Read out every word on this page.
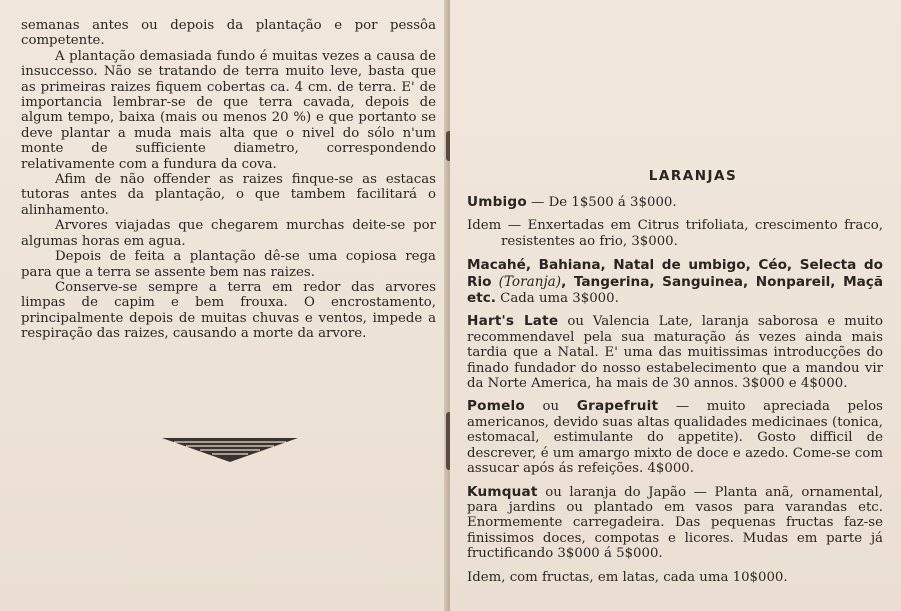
semanas antes ou depois da plantação e por pessôa competente.

A plantação demasiada fundo é muitas vezes a causa de insuccesso. Não se tratando de terra muito leve, basta que as primeiras raizes fiquem cobertas ca. 4 cm. de terra. E' de importancia lembrar-se de que terra cavada, depois de algum tempo, baixa (mais ou menos 20 %) e que portanto se deve plantar a muda mais alta que o nivel do sólo n'um monte de sufficiente diametro, correspondendo relativamente com a fundura da cova.

Afim de não offender as raizes finque-se as estacas tutoras antes da plantação, o que tambem facilitará o alinhamento.

Arvores viajadas que chegarem murchas deite-se por algumas horas em agua.

Depois de feita a plantação dê-se uma copiosa rega para que a terra se assente bem nas raizes.

Conserve-se sempre a terra em redor das arvores limpas de capim e bem frouxa. O encrostamento, principalmente depois de muitas chuvas e ventos, impede a respiração das raizes, causando a morte da arvore.

LARANJAS
Umbigo — De 1$500 á 3$000.
Idem — Enxertadas em Citrus trifoliata, crescimento fraco, resistentes ao frio, 3$000.
Macahé, Bahiana, Natal de umbigo, Céo, Selecta do Rio (Toranja), Tangerina, Sanguinea, Nonpareil, Maçã etc. Cada uma 3$000.
Hart's Late ou Valencia Late, laranja saborosa e muito recommendavel pela sua maturação ás vezes ainda mais tardia que a Natal. E' uma das muitissimas introducções do finado fundador do nosso estabelecimento que a mandou vir da Norte America, ha mais de 30 annos. 3$000 e 4$000.
Pomelo ou Grapefruit — muito apreciada pelos americanos, devido suas altas qualidades medicinaes (tonica, estomacal, estimulante do appetite). Gosto difficil de descrever, é um amargo mixto de doce e azedo. Come-se com assucar após ás refeições. 4$000.
Kumquat ou laranja do Japão — Planta anã, ornamental, para jardins ou plantado em vasos para varandas etc. Enormemente carregadeira. Das pequenas fructas faz-se finissimos doces, compotas e licores. Mudas em parte já fructificando 3$000 á 5$000.
Idem, com fructas, em latas, cada uma 10$000.
